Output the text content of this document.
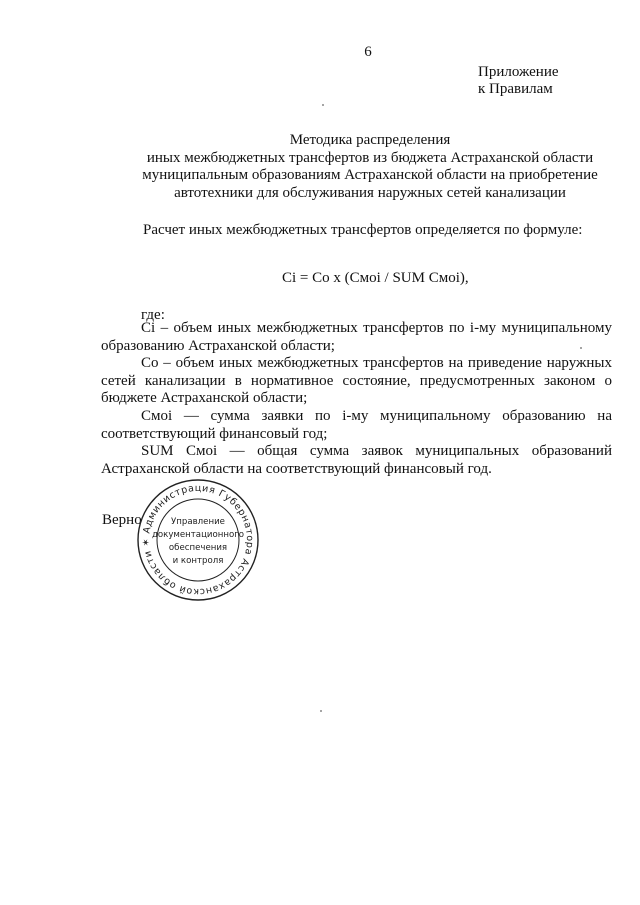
6
Приложение
к Правилам
Методика распределения
иных межбюджетных трансфертов из бюджета Астраханской области
муниципальным образованиям Астраханской области на приобретение
автотехники для обслуживания наружных сетей канализации
Расчет иных межбюджетных трансфертов определяется по формуле:
Ci = Co x (Cмoi / SUM Cмoi),
где:

Ci – объем иных межбюджетных трансфертов по i-му муниципальному образованию Астраханской области;

Co – объем иных межбюджетных трансфертов на приведение наружных сетей канализации в нормативное состояние, предусмотренных законом о бюджете Астраханской области;

Cмoi — сумма заявки по i-му муниципальному образованию на соответствующий финансовый год;

SUM Cмoi — общая сумма заявок муниципальных образований Астраханской области на соответствующий финансовый год.

Верно
Администрация Губернатора Астраханской области ✶
Управление
документационного
обеспечения
и контроля
